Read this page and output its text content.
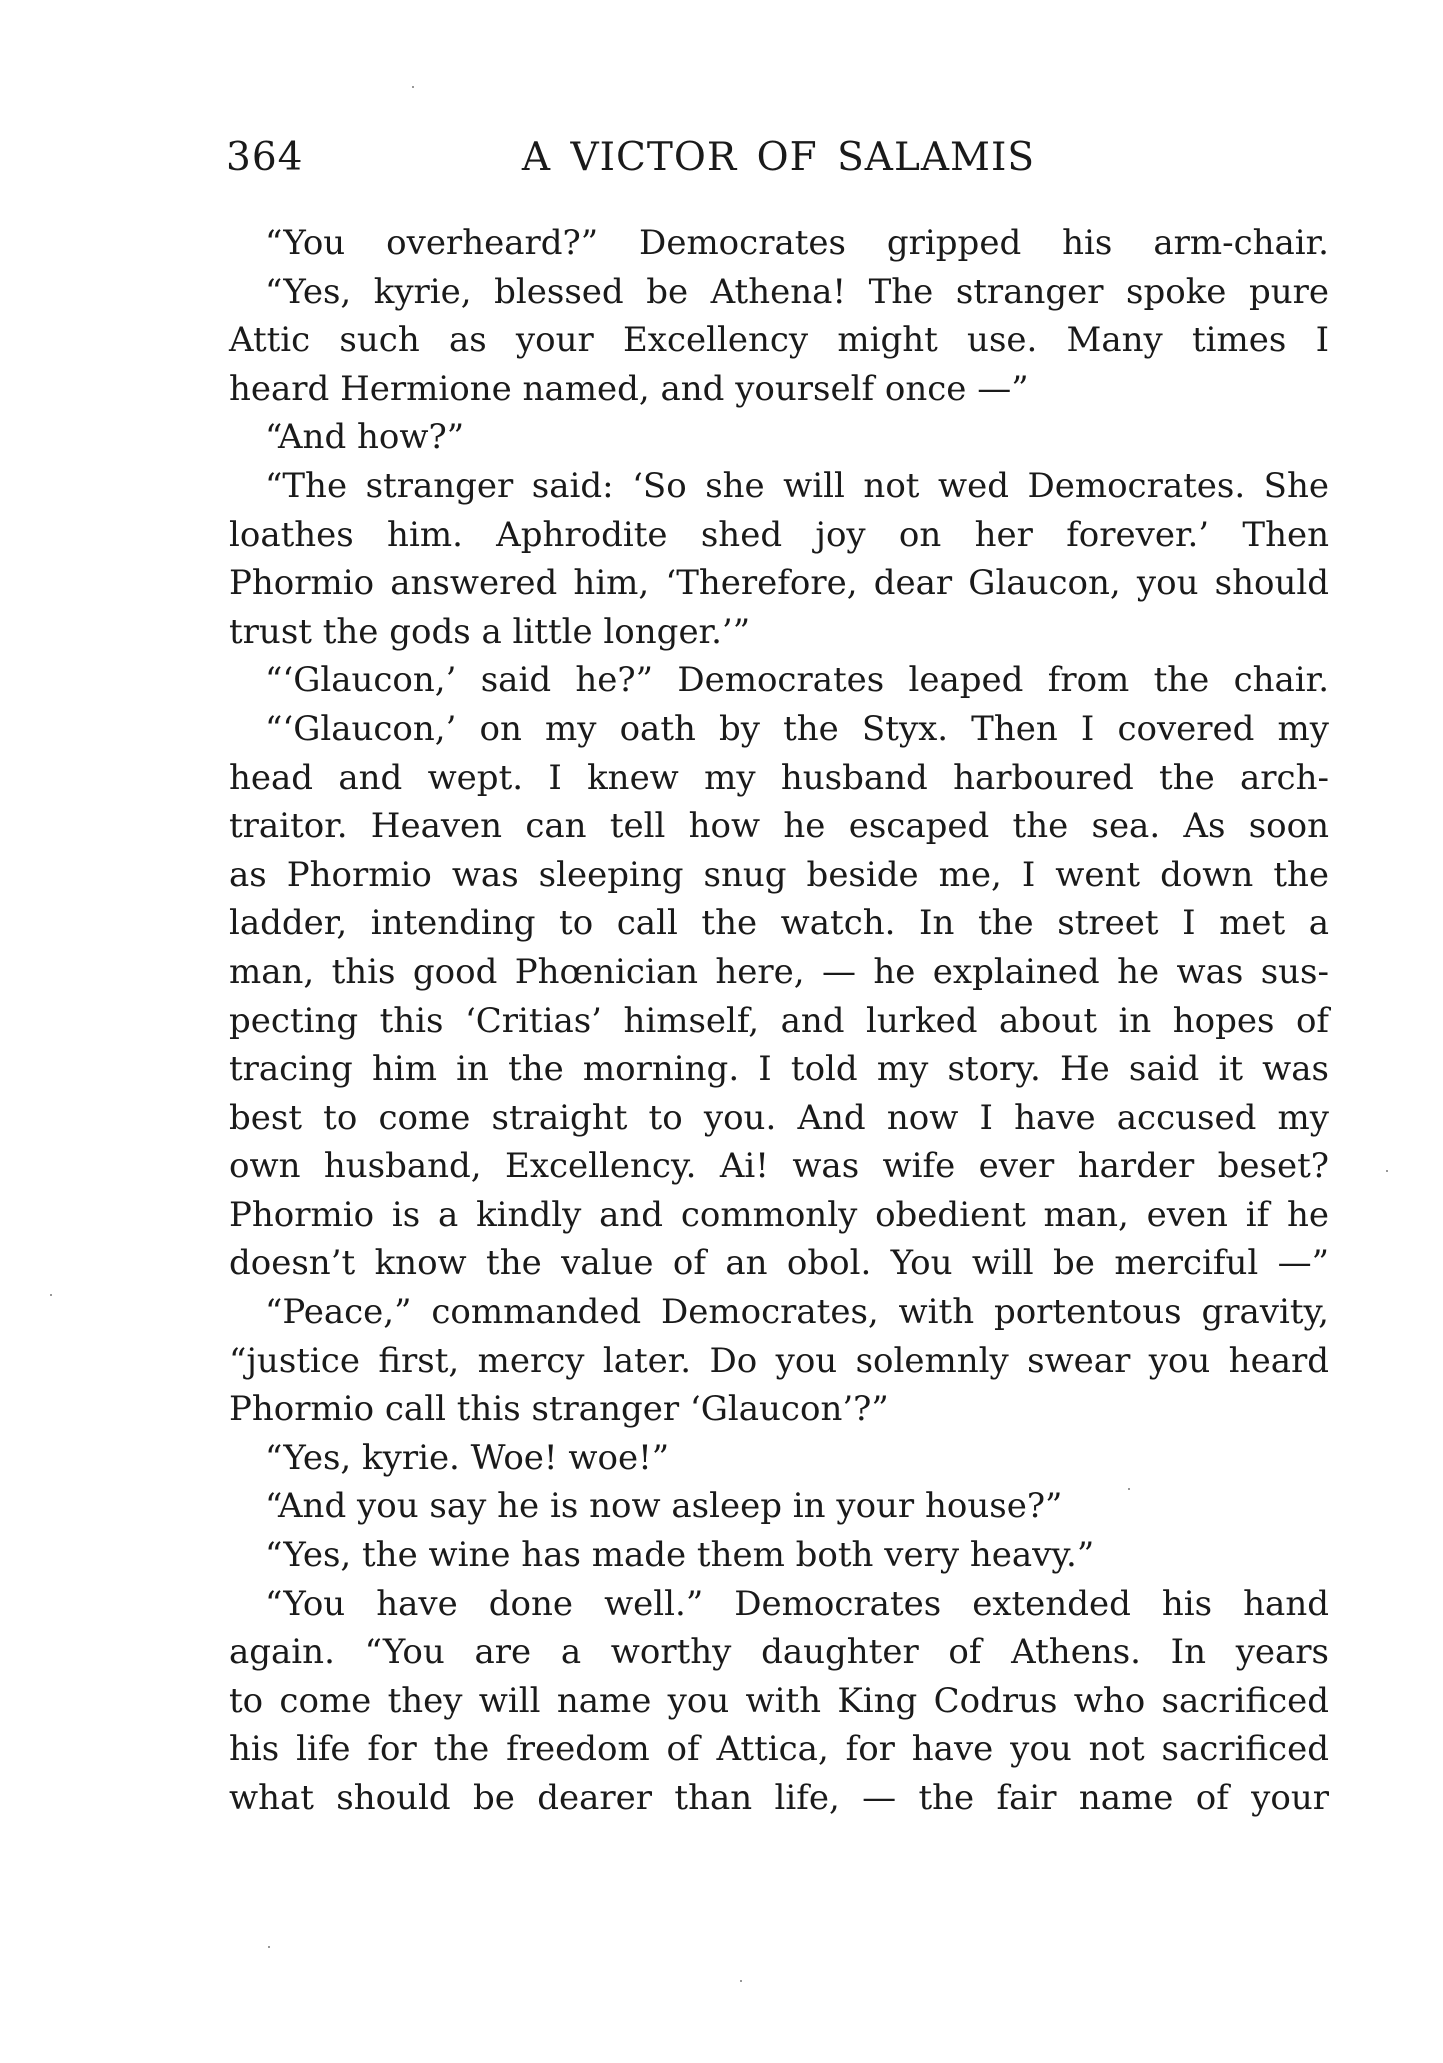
364	A VICTOR OF SALAMIS
“You overheard?” Democrates gripped his arm-chair.
“Yes, kyrie, blessed be Athena! The stranger spoke pure
Attic such as your Excellency might use. Many times I
heard Hermione named, and yourself once —”
“And how?”
“The stranger said: ‘So she will not wed Democrates. She
loathes him. Aphrodite shed joy on her forever.’ Then
Phormio answered him, ‘Therefore, dear Glaucon, you should
trust the gods a little longer.’”
“‘Glaucon,’ said he?” Democrates leaped from the chair.
“‘Glaucon,’ on my oath by the Styx. Then I covered my
head and wept. I knew my husband harboured the arch-
traitor. Heaven can tell how he escaped the sea. As soon
as Phormio was sleeping snug beside me, I went down the
ladder, intending to call the watch. In the street I met a
man, this good Phœnician here, — he explained he was sus-
pecting this ‘Critias’ himself, and lurked about in hopes of
tracing him in the morning. I told my story. He said it was
best to come straight to you. And now I have accused my
own husband, Excellency. Ai! was wife ever harder beset?
Phormio is a kindly and commonly obedient man, even if he
doesn’t know the value of an obol. You will be merciful —”
“Peace,” commanded Democrates, with portentous gravity,
“justice first, mercy later. Do you solemnly swear you heard
Phormio call this stranger ‘Glaucon’?”
“Yes, kyrie. Woe! woe!”
“And you say he is now asleep in your house?”
“Yes, the wine has made them both very heavy.”
“You have done well.” Democrates extended his hand
again. “You are a worthy daughter of Athens. In years
to come they will name you with King Codrus who sacrificed
his life for the freedom of Attica, for have you not sacrificed
what should be dearer than life, — the fair name of your
